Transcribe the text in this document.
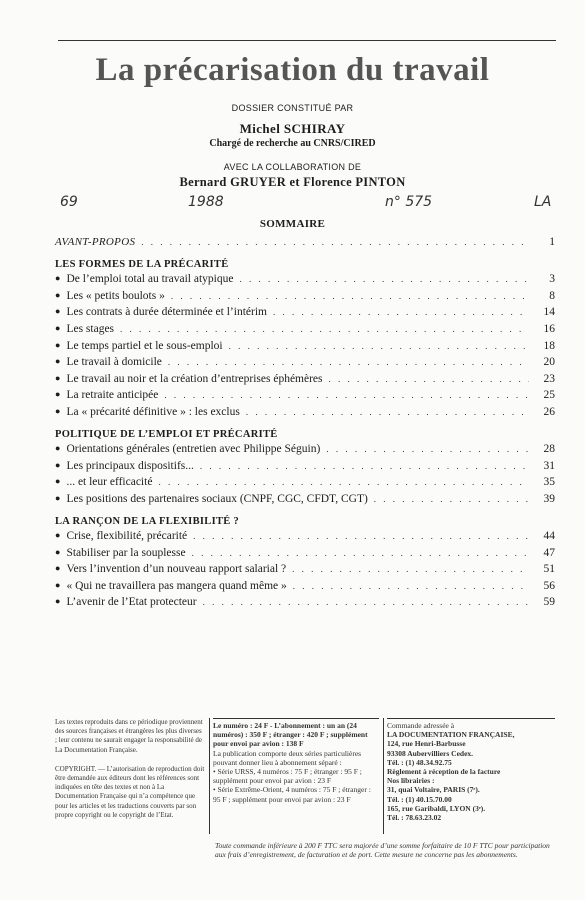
La précarisation du travail
DOSSIER CONSTITUÉ PAR
Michel SCHIRAY
Chargé de recherche au CNRS/CIRED
AVEC LA COLLABORATION DE
Bernard GRUYER et Florence PINTON
69	1988	n° 575	LA
SOMMAIRE
AVANT-PROPOS . . .	1
LES FORMES DE LA PRÉCARITÉ
● De l’emploi total au travail atypique . . .	3
● Les « petits boulots » . . .	8
● Les contrats à durée déterminée et l’intérim . . .	14
● Les stages . . .	16
● Le temps partiel et le sous-emploi . . .	18
● Le travail à domicile . . .	20
● Le travail au noir et la création d’entreprises éphémères . . .	23
● La retraite anticipée . . .	25
● La « précarité définitive » : les exclus . . .	26
POLITIQUE DE L’EMPLOI ET PRÉCARITÉ
● Orientations générales (entretien avec Philippe Séguin) . . .	28
● Les principaux dispositifs... . . .	31
● ... et leur efficacité . . .	35
● Les positions des partenaires sociaux (CNPF, CGC, CFDT, CGT) . . .	39
LA RANÇON DE LA FLEXIBILITÉ ?
● Crise, flexibilité, précarité . . .	44
● Stabiliser par la souplesse . . .	47
● Vers l’invention d’un nouveau rapport salarial ? . . .	51
● « Qui ne travaillera pas mangera quand même » . . .	56
● L’avenir de l’Etat protecteur . . .	59
Les textes reproduits dans ce périodique proviennent des sources françaises et étrangères les plus diverses ; leur contenu ne saurait engager la responsabilité de La Documentation Française.
COPYRIGHT. — L’autorisation de reproduction doit être demandée aux éditeurs dont les références sont indiquées en tête des textes et non à La Documentation Française qui n’a compétence que pour les articles et les traductions couverts par son propre copyright ou le copyright de l’Etat.
Le numéro : 24 F - L’abonnement : un an (24 numéros) : 350 F ; étranger : 420 F ; supplément pour envoi par avion : 138 F
La publication comporte deux séries particulières pouvant donner lieu à abonnement séparé :
• Série URSS, 4 numéros : 75 F ; étranger : 95 F ; supplément pour envoi par avion : 23 F
• Série Extrême-Orient, 4 numéros : 75 F ; étranger : 95 F ; supplément pour envoi par avion : 23 F
Commande adressée à
LA DOCUMENTATION FRANÇAISE,
124, rue Henri-Barbusse
93308 Aubervilliers Cedex.
Tél. : (1) 48.34.92.75
Règlement à réception de la facture
Nos librairies :
31, quai Voltaire, PARIS (7ᵉ).
Tél. : (1) 40.15.70.00
165, rue Garibaldi, LYON (3ᵉ).
Tél. : 78.63.23.02
Toute commande inférieure à 200 F TTC sera majorée d’une somme forfaitaire de 10 F TTC pour participation aux frais d’enregistrement, de facturation et de port. Cette mesure ne concerne pas les abonnements.
